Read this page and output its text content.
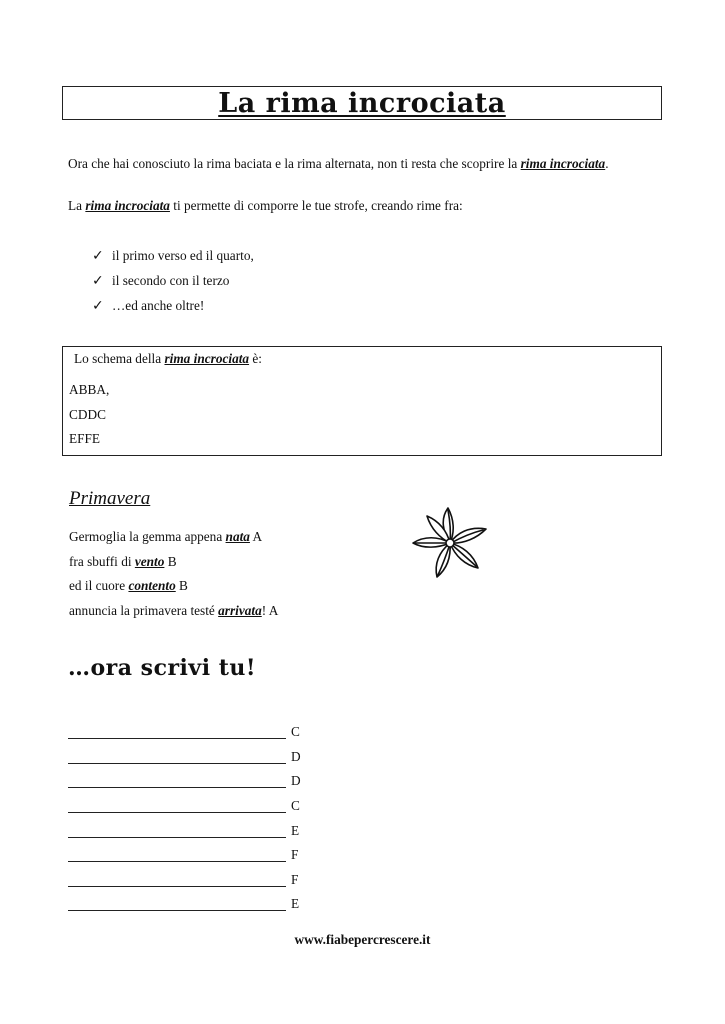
La rima incrociata
Ora che hai conosciuto la rima baciata e la rima alternata, non ti resta che scoprire la rima incrociata.
La rima incrociata ti permette di comporre le tue strofe, creando rime fra:
✓ il primo verso ed il quarto,
✓ il secondo con il terzo
✓ …ed anche oltre!
Lo schema della rima incrociata è:
ABBA,
CDDC
EFFE
Primavera
Germoglia la gemma appena nata A
fra sbuffi di vento B
ed il cuore contento B
annuncia la primavera testé arrivata! A
…ora scrivi tu!
C
D
D
C
E
F
F
E
www.fiabepercrescere.it
